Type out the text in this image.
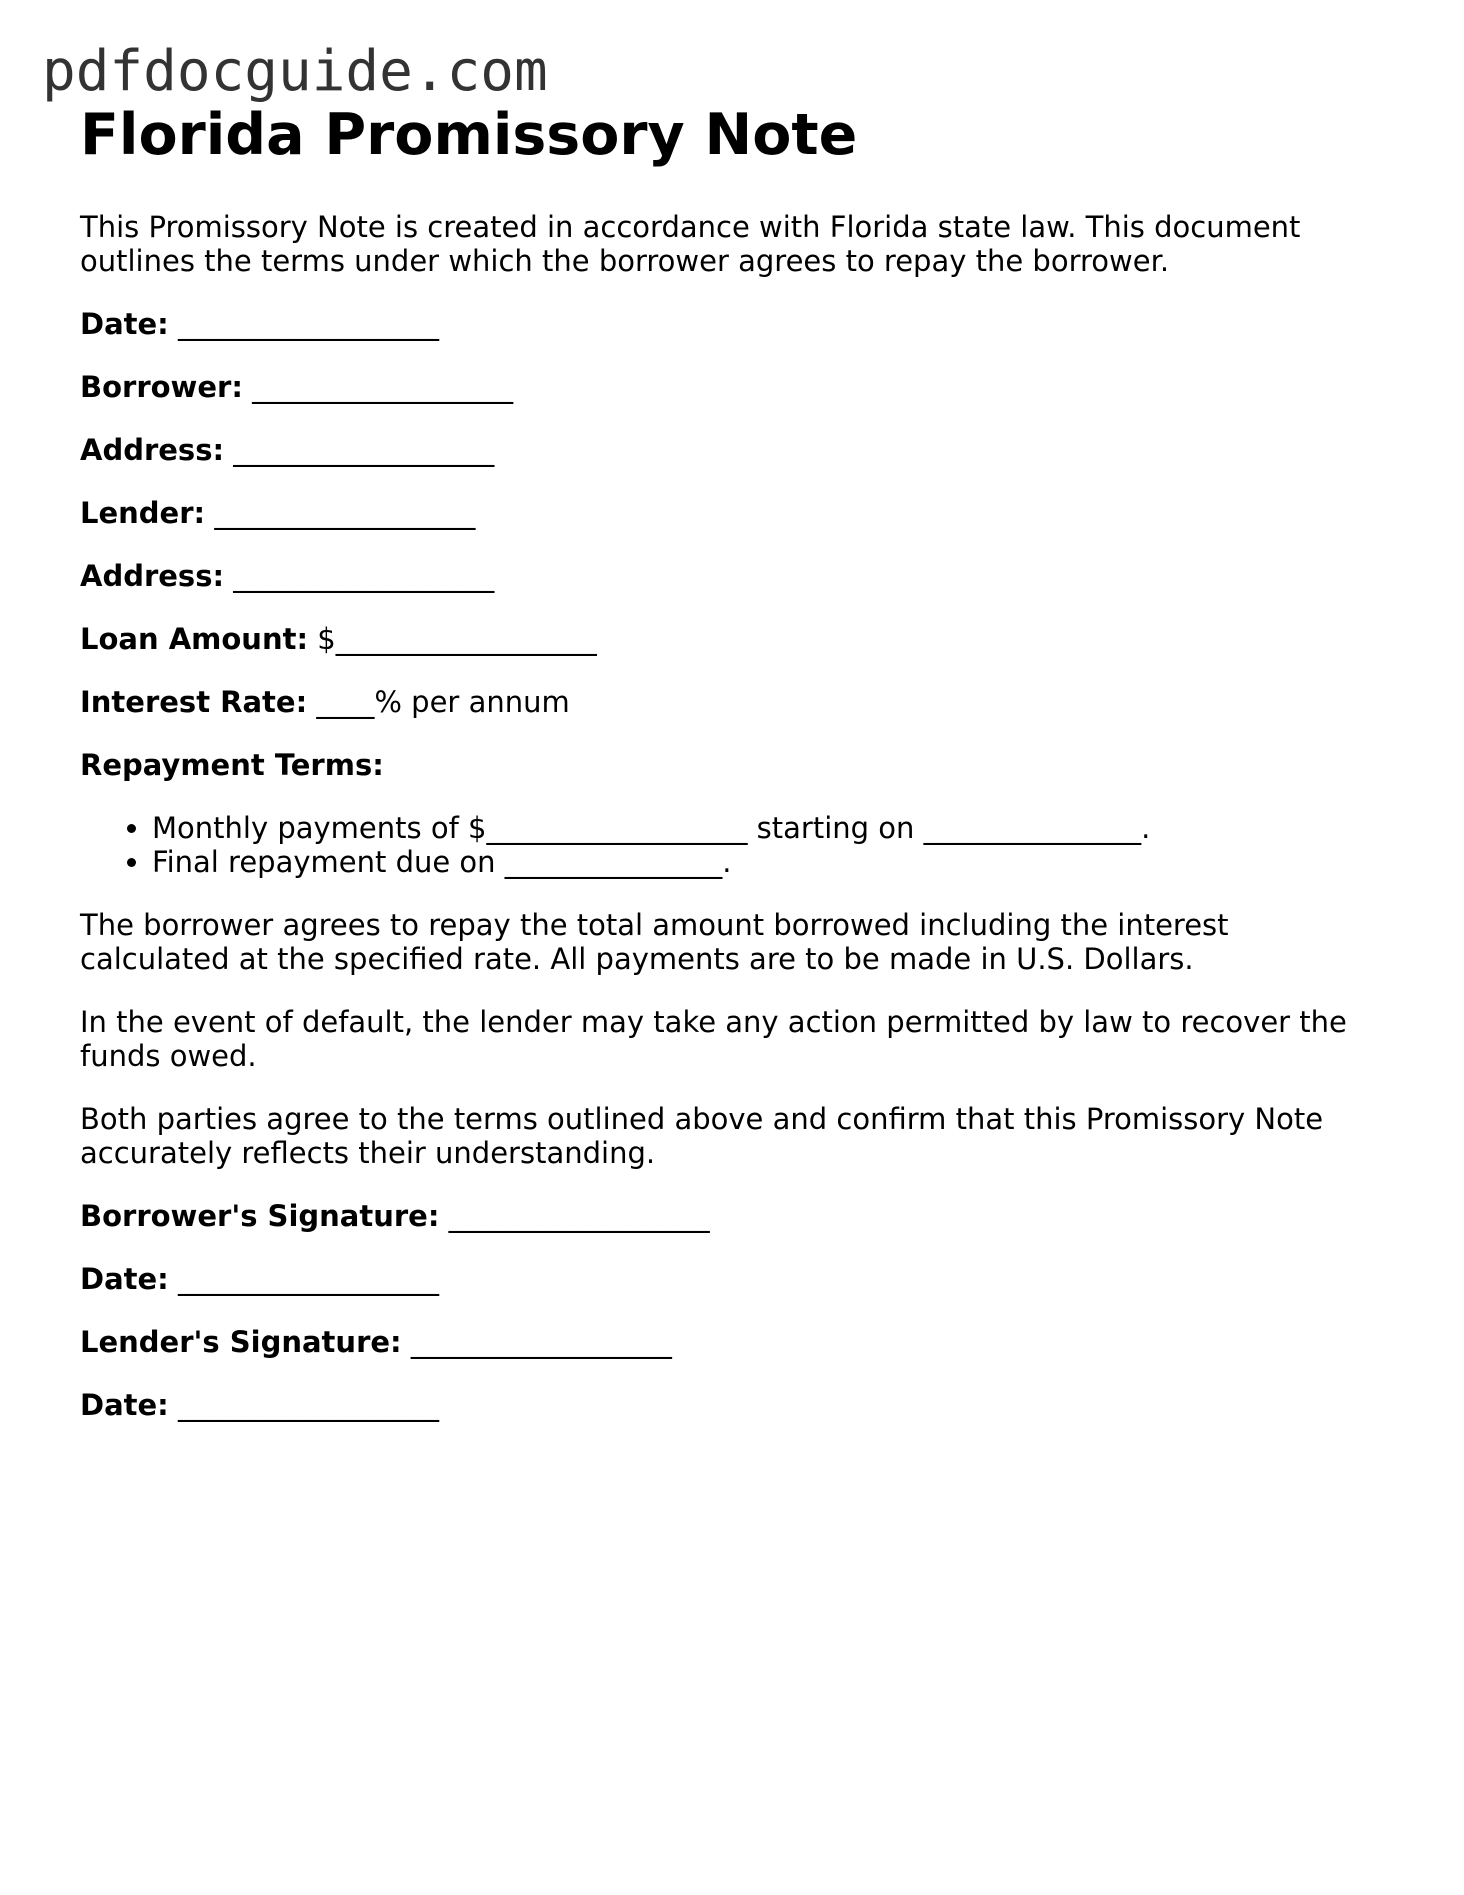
pdfdocguide.com
Florida Promissory Note

This Promissory Note is created in accordance with Florida state law. This document outlines the terms under which the borrower agrees to repay the borrower.

Date: __________________

Borrower: __________________

Address: __________________

Lender: __________________

Address: __________________

Loan Amount: $__________________

Interest Rate: ____% per annum

Repayment Terms:

• Monthly payments of $__________________ starting on _______________.
• Final repayment due on _______________.

The borrower agrees to repay the total amount borrowed including the interest calculated at the specified rate. All payments are to be made in U.S. Dollars.

In the event of default, the lender may take any action permitted by law to recover the funds owed.

Both parties agree to the terms outlined above and confirm that this Promissory Note accurately reflects their understanding.

Borrower's Signature: __________________

Date: __________________

Lender's Signature: __________________

Date: __________________
